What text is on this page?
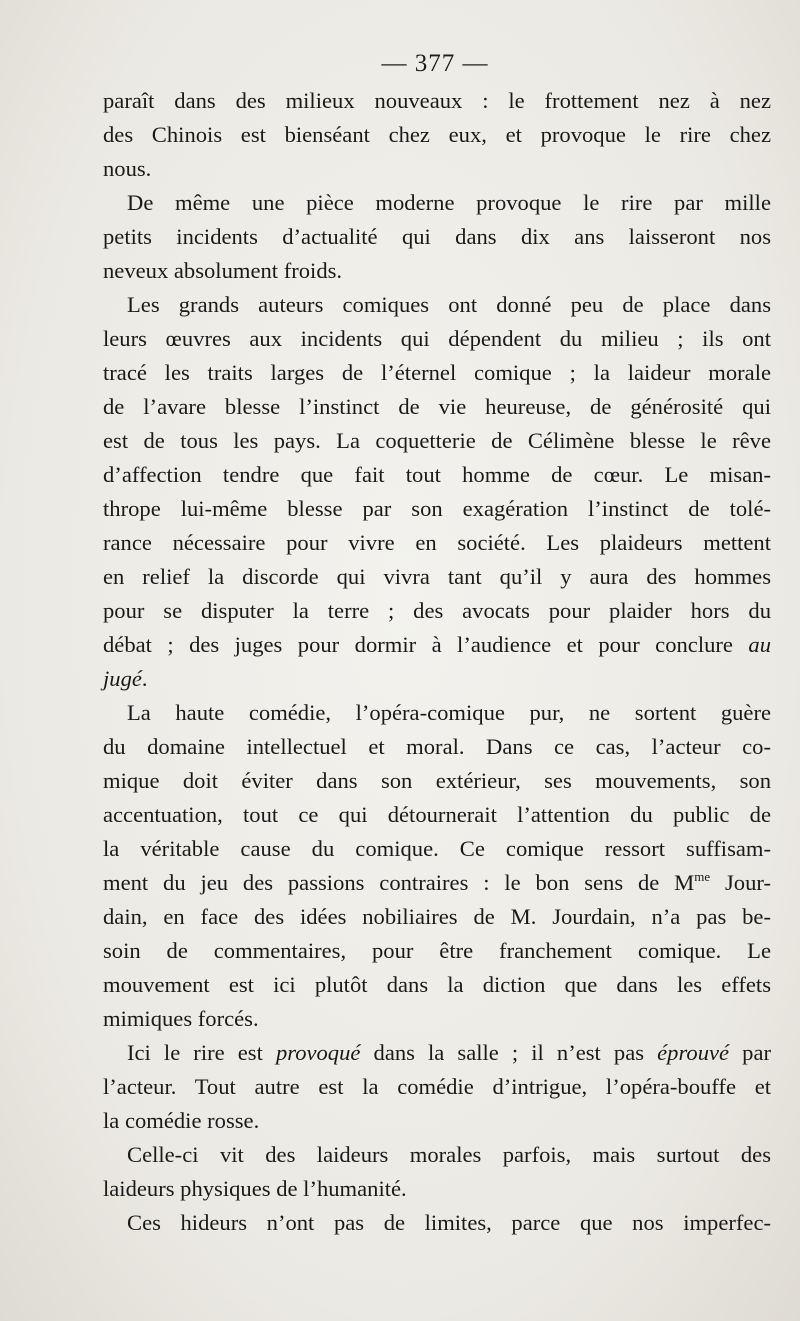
— 377 —

paraît dans des milieux nouveaux : le frottement nez à nez

des Chinois est bienséant chez eux, et provoque le rire chez

nous.

De même une pièce moderne provoque le rire par mille

petits incidents d’actualité qui dans dix ans laisseront nos

neveux absolument froids.

Les grands auteurs comiques ont donné peu de place dans

leurs œuvres aux incidents qui dépendent du milieu ; ils ont

tracé les traits larges de l’éternel comique ; la laideur morale

de l’avare blesse l’instinct de vie heureuse, de générosité qui

est de tous les pays. La coquetterie de Célimène blesse le rêve

d’affection tendre que fait tout homme de cœur. Le misan-

thrope lui-même blesse par son exagération l’instinct de tolé-

rance nécessaire pour vivre en société. Les plaideurs mettent

en relief la discorde qui vivra tant qu’il y aura des hommes

pour se disputer la terre ; des avocats pour plaider hors du

débat ; des juges pour dormir à l’audience et pour conclure au

jugé.

La haute comédie, l’opéra-comique pur, ne sortent guère

du domaine intellectuel et moral. Dans ce cas, l’acteur co-

mique doit éviter dans son extérieur, ses mouvements, son

accentuation, tout ce qui détournerait l’attention du public de

la véritable cause du comique. Ce comique ressort suffisam-

ment du jeu des passions contraires : le bon sens de $M^{me}$ Jour-

dain, en face des idées nobiliaires de M. Jourdain, n’a pas be-

soin de commentaires, pour être franchement comique. Le

mouvement est ici plutôt dans la diction que dans les effets

mimiques forcés.

Ici le rire est provoqué dans la salle ; il n’est pas éprouvé par

l’acteur. Tout autre est la comédie d’intrigue, l’opéra-bouffe et

la comédie rosse.

Celle-ci vit des laideurs morales parfois, mais surtout des

laideurs physiques de l’humanité.

Ces hideurs n’ont pas de limites, parce que nos imperfec-
